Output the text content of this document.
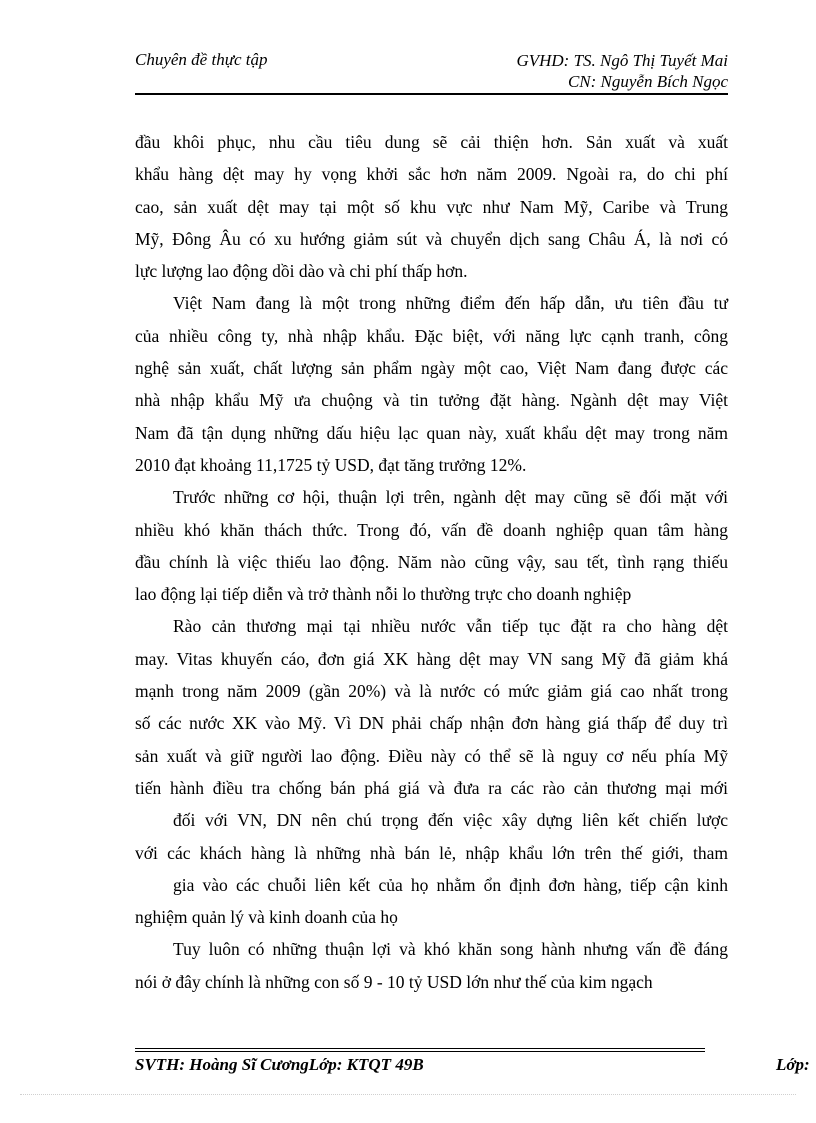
Chuyên đề thực tập	GVHD: TS. Ngô Thị Tuyết Mai
CN: Nguyễn Bích Ngọc
đầu khôi phục, nhu cầu tiêu dung sẽ cải thiện hơn. Sản xuất và xuất
khẩu hàng dệt may hy vọng khởi sắc hơn năm 2009. Ngoài ra, do chi phí
cao, sản xuất dệt may tại một số khu vực như Nam Mỹ, Caribe và Trung
Mỹ, Đông Âu có xu hướng giảm sút và chuyển dịch sang Châu Á, là nơi có
lực lượng lao động dồi dào và chi phí thấp hơn.
Việt Nam đang là một trong những điểm đến hấp dẫn, ưu tiên đầu tư
của nhiều công ty, nhà nhập khẩu. Đặc biệt, với năng lực cạnh tranh, công
nghệ sản xuất, chất lượng sản phẩm ngày một cao, Việt Nam đang được các
nhà nhập khẩu Mỹ ưa chuộng và tin tưởng đặt hàng. Ngành dệt may Việt
Nam đã tận dụng những dấu hiệu lạc quan này, xuất khẩu dệt may trong năm
2010 đạt khoảng 11,1725 tỷ USD, đạt tăng trưởng 12%.
Trước những cơ hội, thuận lợi trên, ngành dệt may cũng sẽ đối mặt với
nhiều khó khăn thách thức. Trong đó, vấn đề doanh nghiệp quan tâm hàng
đầu chính là việc thiếu lao động. Năm nào cũng vậy, sau tết, tình rạng thiếu
lao động lại tiếp diễn và trở thành nỗi lo thường trực cho doanh nghiệp
Rào cản thương mại tại nhiều nước vẫn tiếp tục đặt ra cho hàng dệt
may. Vitas khuyến cáo, đơn giá XK hàng dệt may VN sang Mỹ đã giảm khá
mạnh trong năm 2009 (gần 20%) và là nước có mức giảm giá cao nhất trong
số các nước XK vào Mỹ. Vì DN phải chấp nhận đơn hàng giá thấp để duy trì
sản xuất và giữ người lao động. Điều này có thể sẽ là nguy cơ nếu phía Mỹ
tiến hành điều tra chống bán phá giá và đưa ra các rào cản thương mại mới
đối với VN, DN nên chú trọng đến việc xây dựng liên kết chiến lược
với các khách hàng là những nhà bán lẻ, nhập khẩu lớn trên thế giới, tham
gia vào các chuỗi liên kết của họ nhằm ổn định đơn hàng, tiếp cận kinh
nghiệm quản lý và kinh doanh của họ
Tuy luôn có những thuận lợi và khó khăn song hành nhưng vấn đề đáng
nói ở đây chính là những con số 9 - 10 tỷ USD lớn như thế của kim ngạch
SVTH: Hoàng Sĩ CươngLớp: KTQT 49B	Lớp:
